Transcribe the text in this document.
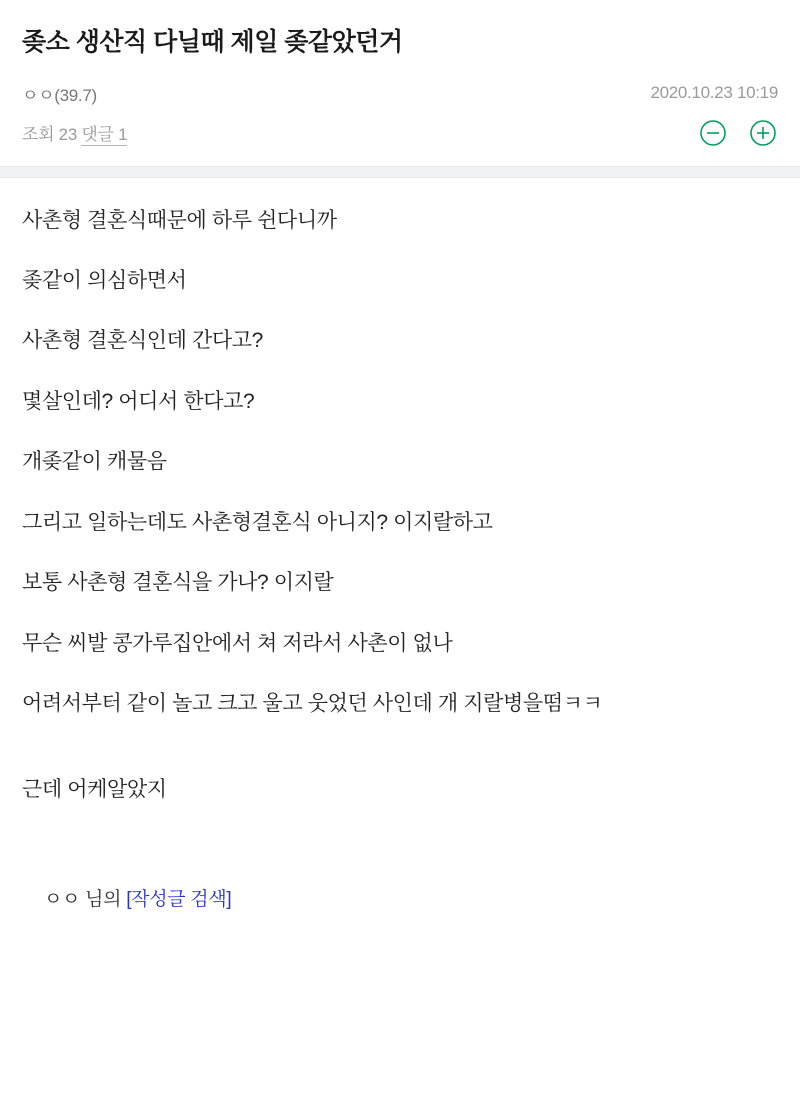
좆소 생산직 다닐때 제일 좆같았던거
ㅇㅇ(39.7)	2020.10.23 10:19
조회 23 댓글 1

사촌형 결혼식때문에 하루 쉰다니까

좆같이 의심하면서

사촌형 결혼식인데 간다고?

몇살인데? 어디서 한다고?

개좆같이 캐물음

그리고 일하는데도 사촌형결혼식 아니지? 이지랄하고

보통 사촌형 결혼식을 가나? 이지랄

무슨 씨발 콩가루집안에서 쳐 저라서 사촌이 없나

어려서부터 같이 놀고 크고 울고 웃었던 사인데 개 지랄병을떰ㅋㅋ

근데 어케알았지

ㅇㅇ 님의 [작성글 검색]
